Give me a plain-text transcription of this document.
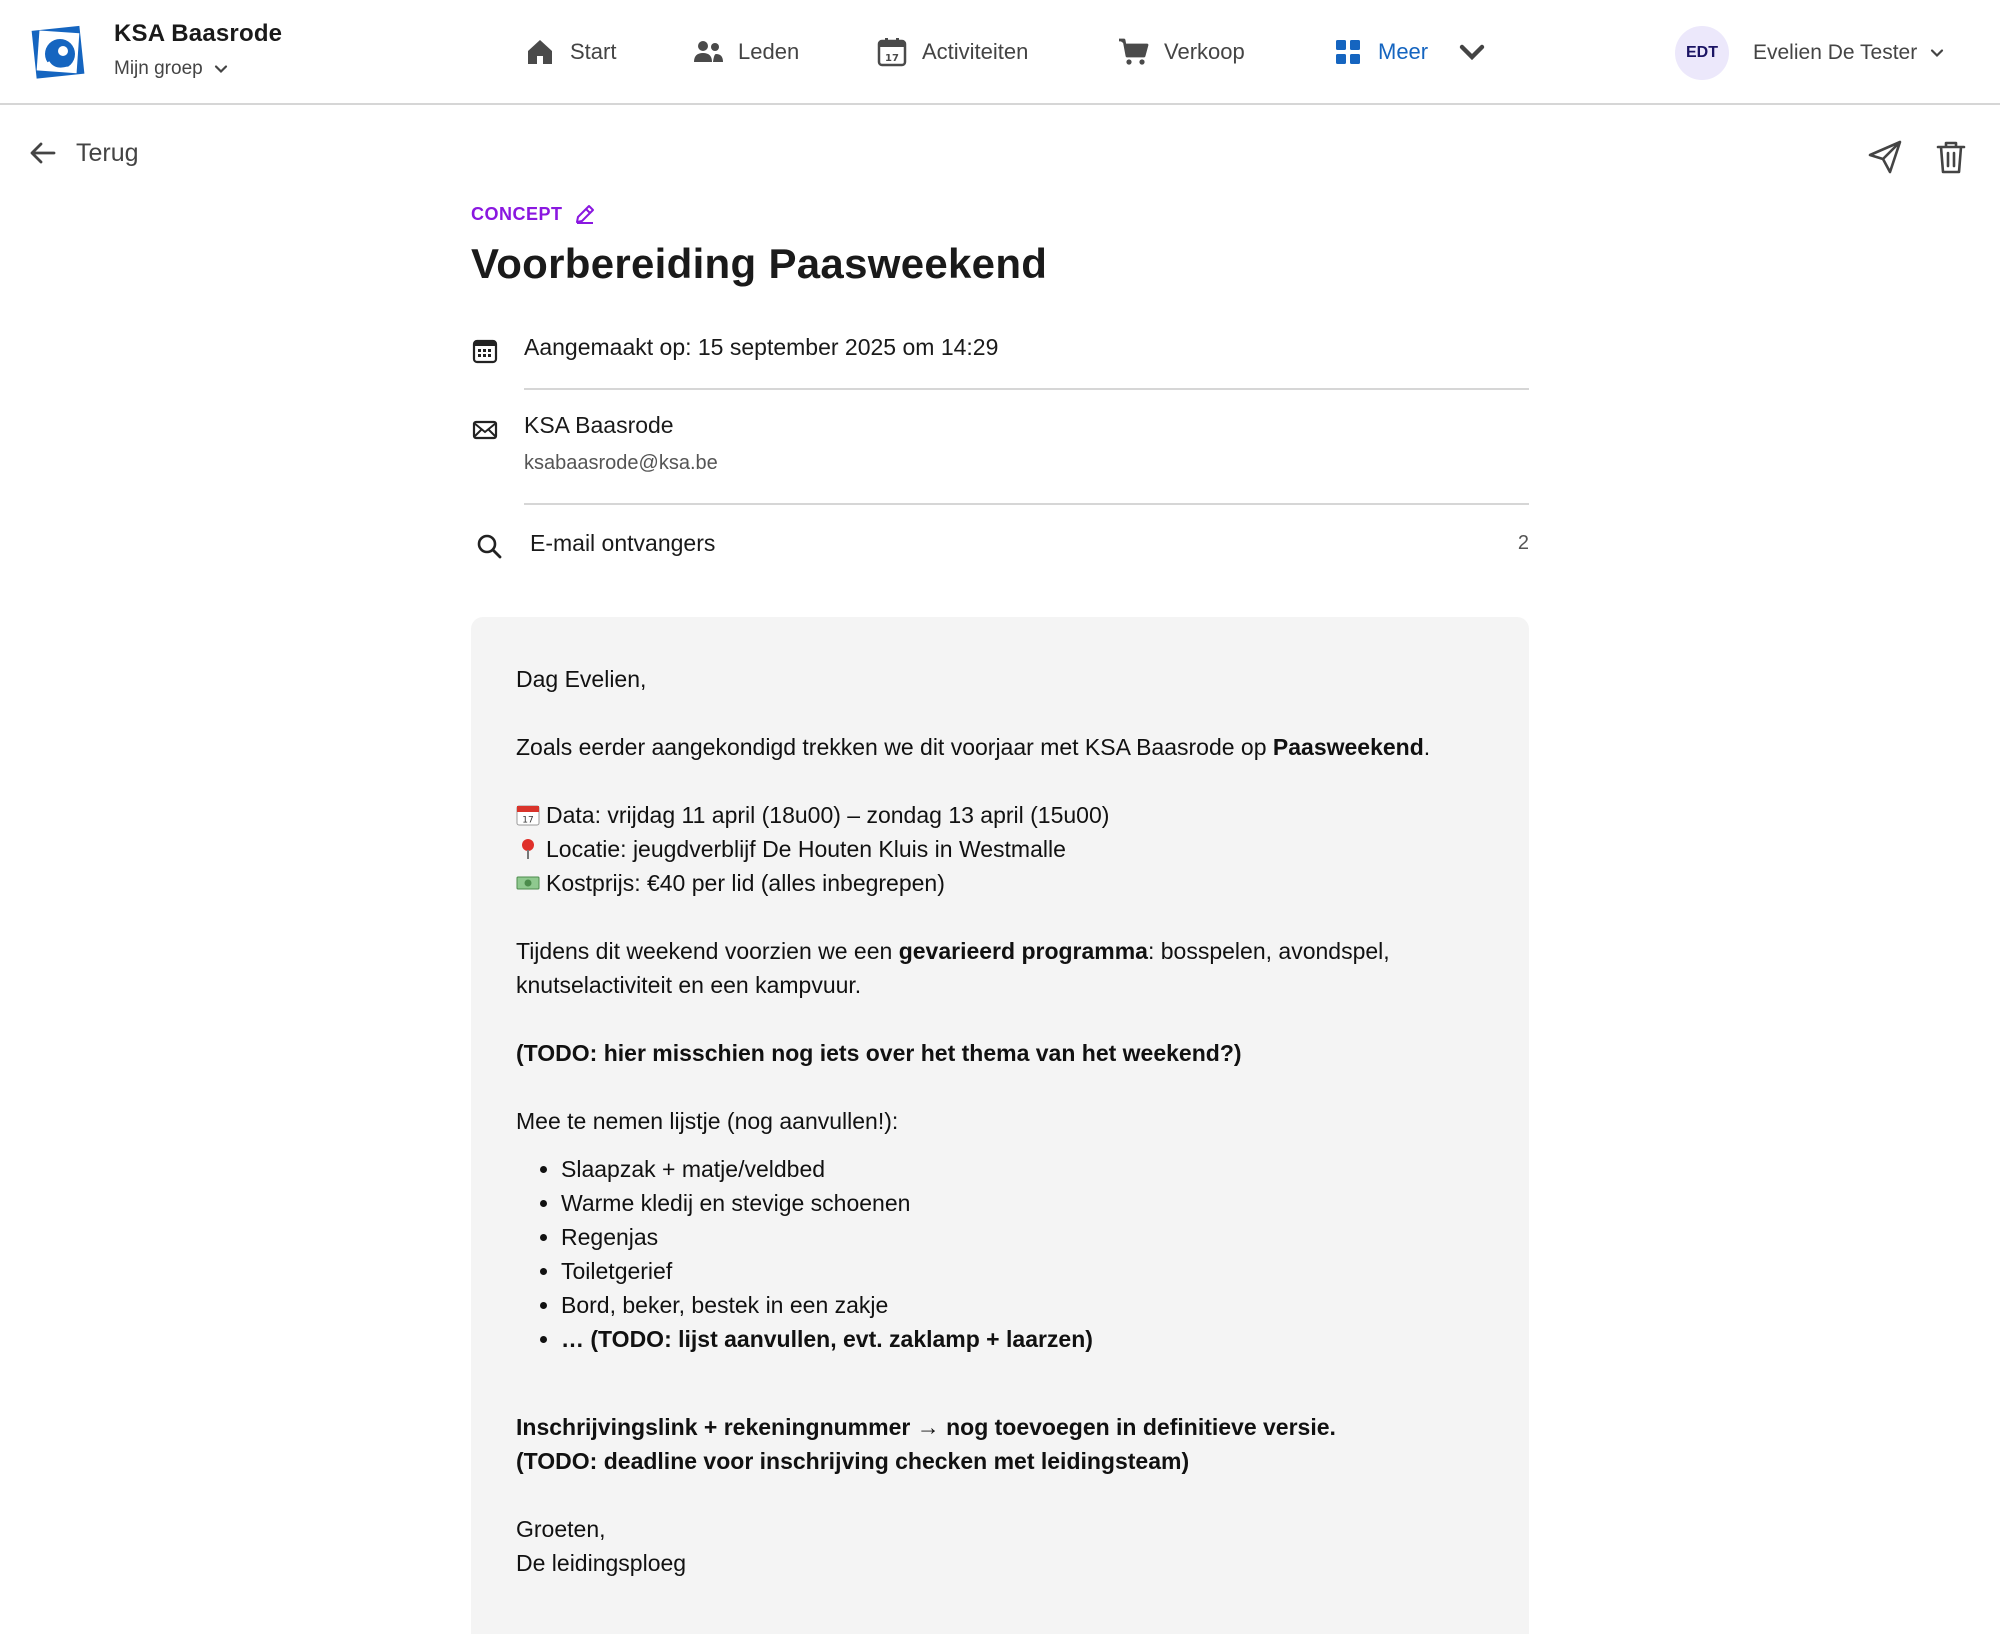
KSA Baasrode
Mijn groep
Start	Leden	17 Activiteiten	Verkoop	Meer	EDT	Evelien De Tester
Terug
CONCEPT
Voorbereiding Paasweekend
Aangemaakt op: 15 september 2025 om 14:29
KSA Baasrode
ksabaasrode@ksa.be
E-mail ontvangers	2

Dag Evelien,

Zoals eerder aangekondigd trekken we dit voorjaar met KSA Baasrode op Paasweekend.

17 Data: vrijdag 11 april (18u00) – zondag 13 april (15u00)

Locatie: jeugdverblijf De Houten Kluis in Westmalle

Kostprijs: €40 per lid (alles inbegrepen)

Tijdens dit weekend voorzien we een gevarieerd programma: bosspelen, avondspel, knutselactiviteit en een kampvuur.

(TODO: hier misschien nog iets over het thema van het weekend?)

Mee te nemen lijstje (nog aanvullen!):

• Slaapzak + matje/veldbed
• Warme kledij en stevige schoenen
• Regenjas
• Toiletgerief
• Bord, beker, bestek in een zakje
• … (TODO: lijst aanvullen, evt. zaklamp + laarzen)

Inschrijvingslink + rekeningnummer → nog toevoegen in definitieve versie.

(TODO: deadline voor inschrijving checken met leidingsteam)

Groeten,

De leidingsploeg
